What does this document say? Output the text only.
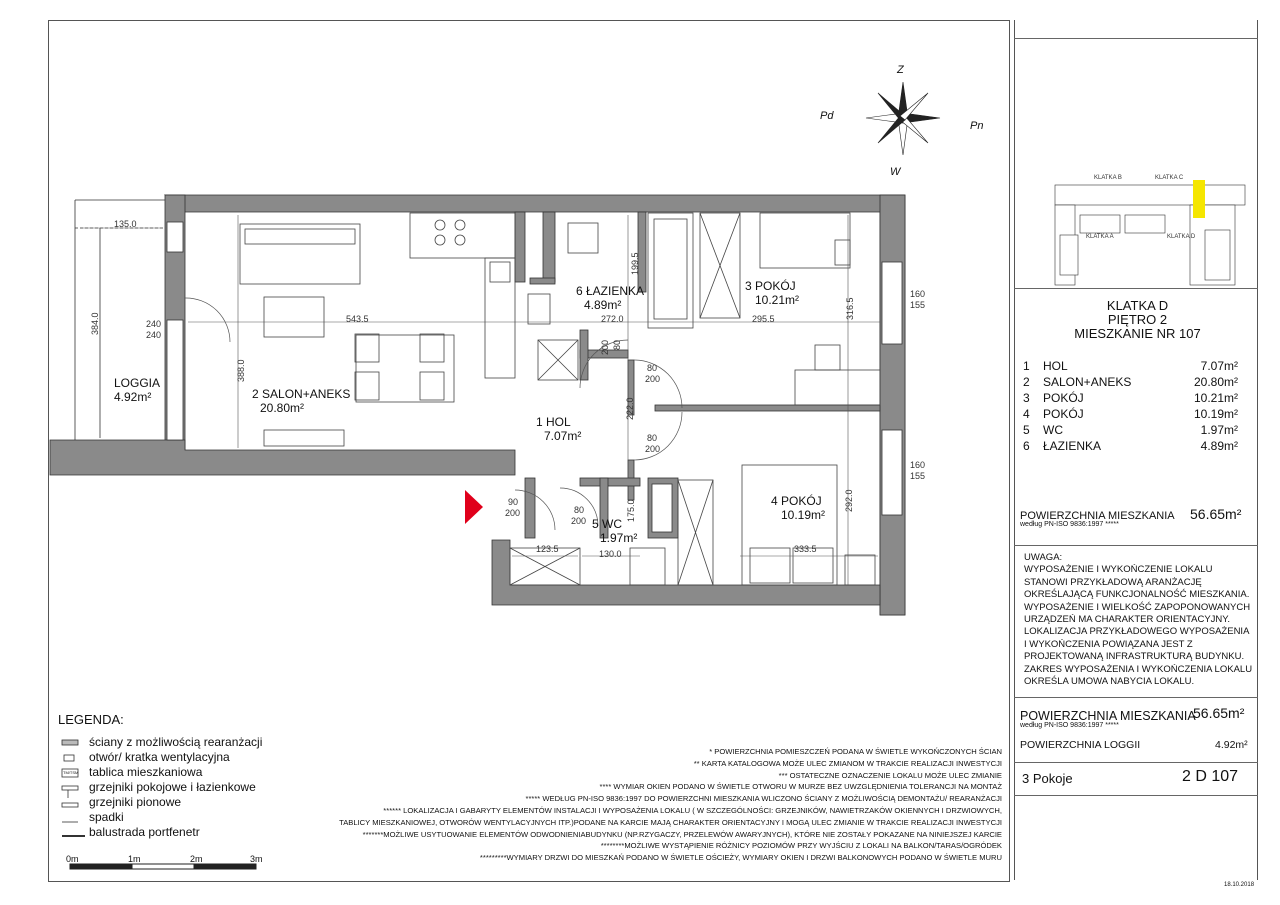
Z
W
Pd
Pn
1 HOL
7.07m²
2 SALON+ANEKS
20.80m²
3 POKÓJ
10.21m²
4 POKÓJ
10.19m²
5 WC
1.97m²
6 ŁAZIENKA
4.89m²
LOGGIA
4.92m²
135.0
384.0
388.0
543.5
240
240
199.5
272.0	295.5	316.5
160
155
80
200
80
200
222.0
80
200
160
155
292.0
90
200	80
200	175.0
123.5	130.0	333.5
KLATKA B	KLATKA C
KLATKA A	KLATKA D
KLATKA D
PIĘTRO 2
MIESZKANIE NR 107
1	HOL	7.07m²
2	SALON+ANEKS	20.80m²
3	POKÓJ	10.21m²
4	POKÓJ	10.19m²
5	WC	1.97m²
6	ŁAZIENKA	4.89m²
POWIERZCHNIA MIESZKANIA
według PN-ISO 9836:1997 *****
56.65m²
UWAGA:
WYPOSAŻENIE I WYKOŃCZENIE LOKALU STANOWI PRZYKŁADOWĄ ARANŻACJĘ OKREŚLAJĄCĄ FUNKCJONALNOŚĆ MIESZKANIA. WYPOSAŻENIE I WIELKOŚĆ ZAPOPONOWANYCH URZĄDZEŃ MA CHARAKTER ORIENTACYJNY. LOKALIZACJA PRZYKŁADOWEGO WYPOSAŻENIA I WYKOŃCZENIA POWIĄZANA JEST Z PROJEKTOWANĄ INFRASTRUKTURĄ BUDYNKU. ZAKRES WYPOSAŻENIA I WYKOŃCZENIA LOKALU OKREŚLA UMOWA NABYCIA LOKALU.
POWIERZCHNIA MIESZKANIA
56.65m²
według PN-ISO 9836:1997 *****
POWIERZCHNIA LOGGII	4.92m²
3 Pokoje	2 D 107
18.10.2018
LEGENDA:
ściany z możliwością rearanżacji
otwór/ kratka wentylacyjna
tablica mieszkaniowa
grzejniki pokojowe i łazienkowe
grzejniki pionowe
spadki
balustrada portfenetr
TM/TSM
0m	1m	2m	3m
* POWIERZCHNIA POMIESZCZEŃ PODANA W ŚWIETLE WYKOŃCZONYCH ŚCIAN
** KARTA KATALOGOWA MOŻE ULEC ZMIANOM W TRAKCIE REALIZACJI INWESTYCJI
*** OSTATECZNE OZNACZENIE LOKALU MOŻE ULEC ZMIANIE
**** WYMIAR OKIEN PODANO W ŚWIETLE OTWORU W MURZE BEZ UWZGLĘDNIENIA TOLERANCJI NA MONTAŻ
***** WEDŁUG PN-ISO 9836:1997 DO POWIERZCHNI MIESZKANIA WLICZONO ŚCIANY Z MOŻLIWOŚCIĄ DEMONTAŻU/ REARANŻACJI
****** LOKALIZACJA I GABARYTY ELEMENTÓW INSTALACJI I WYPOSAŻENIA LOKALU ( W SZCZEGÓLNOŚCI: GRZEJNIKÓW, NAWIETRZAKÓW OKIENNYCH I DRZWIOWYCH,
TABLICY MIESZKANIOWEJ, OTWORÓW WENTYLACYJNYCH ITP.)PODANE NA KARCIE MAJĄ CHARAKTER ORIENTACYJNY I MOGĄ ULEC ZMIANIE W TRAKCIE REALIZACJI INWESTYCJI
*******MOŻLIWE USYTUOWANIE ELEMENTÓW ODWODNIENIABUDYNKU (NP.RZYGACZY, PRZELEWÓW AWARYJNYCH), KTÓRE NIE ZOSTAŁY POKAZANE NA NINIEJSZEJ KARCIE
********MOŻLIWE WYSTĄPIENIE RÓŻNICY POZIOMÓW PRZY WYJŚCIU Z LOKALI NA BALKON/TARAS/OGRÓDEK
*********WYMIARY DRZWI DO MIESZKAŃ PODANO W ŚWIETLE OŚCIEŻY, WYMIARY OKIEN I DRZWI BALKONOWYCH PODANO W ŚWIETLE MURU
